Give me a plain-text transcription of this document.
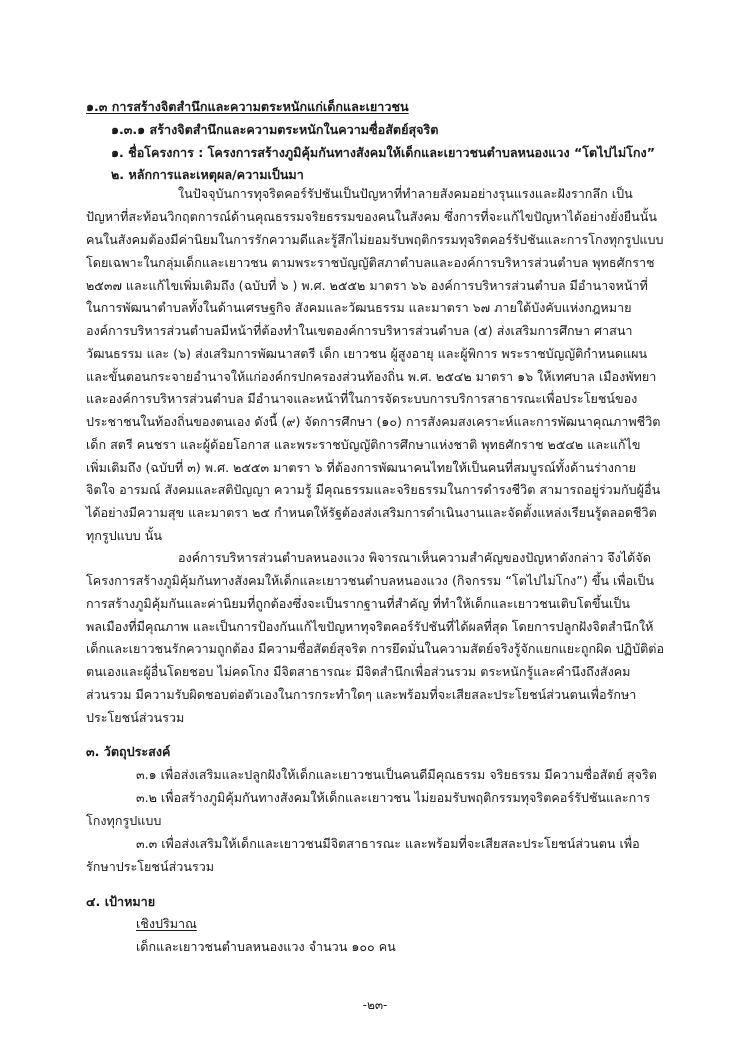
๑.๓ การสร้างจิตสำนึกและความตระหนักแก่เด็กและเยาวชน
๑.๓.๑ สร้างจิตสำนึกและความตระหนักในความซื่อสัตย์สุจริต
๑. ชื่อโครงการ : โครงการสร้างภูมิคุ้มกันทางสังคมให้เด็กและเยาวชนตำบลหนองแวง “โตไปไม่โกง”
๒. หลักการและเหตุผล/ความเป็นมา
ในปัจจุบันการทุจริตคอร์รัปชันเป็นปัญหาที่ทำลายสังคมอย่างรุนแรงและฝังรากลึก เป็น
ปัญหาที่สะท้อนวิกฤตการณ์ด้านคุณธรรมจริยธรรมของคนในสังคม ซึ่งการที่จะแก้ไขปัญหาได้อย่างยั่งยืนนั้น
คนในสังคมต้องมีค่านิยมในการรักความดีและรู้สึกไม่ยอมรับพฤติกรรมทุจริตคอร์รัปชันและการโกงทุกรูปแบบ
โดยเฉพาะในกลุ่มเด็กและเยาวชน ตามพระราชบัญญัติสภาตำบลและองค์การบริหารส่วนตำบล พุทธศักราช
๒๕๓๗ และแก้ไขเพิ่มเติมถึง (ฉบับที่ ๖ ) พ.ศ. ๒๕๕๒ มาตรา ๖๖ องค์การบริหารส่วนตำบล มีอำนาจหน้าที่
ในการพัฒนาตำบลทั้งในด้านเศรษฐกิจ สังคมและวัฒนธรรม และมาตรา ๖๗ ภายใต้บังคับแห่งกฎหมาย
องค์การบริหารส่วนตำบลมีหน้าที่ต้องทำในเขตองค์การบริหารส่วนตำบล (๕) ส่งเสริมการศึกษา ศาสนา
วัฒนธรรม และ (๖) ส่งเสริมการพัฒนาสตรี เด็ก เยาวชน ผู้สูงอายุ และผู้พิการ พระราชบัญญัติกำหนดแผน
และขั้นตอนกระจายอำนาจให้แก่องค์กรปกครองส่วนท้องถิ่น พ.ศ. ๒๕๔๒ มาตรา ๑๖ ให้เทศบาล เมืองพัทยา
และองค์การบริหารส่วนตำบล มีอำนาจและหน้าที่ในการจัดระบบการบริการสาธารณะเพื่อประโยชน์ของ
ประชาชนในท้องถิ่นของตนเอง ดังนี้ (๙) จัดการศึกษา (๑๐) การสังคมสงเคราะห์และการพัฒนาคุณภาพชีวิต
เด็ก สตรี คนชรา และผู้ด้อยโอกาส และพระราชบัญญัติการศึกษาแห่งชาติ พุทธศักราช ๒๕๔๒ และแก้ไข
เพิ่มเติมถึง (ฉบับที่ ๓) พ.ศ. ๒๕๕๓ มาตรา ๖ ที่ต้องการพัฒนาคนไทยให้เป็นคนที่สมบูรณ์ทั้งด้านร่างกาย
จิตใจ อารมณ์ สังคมและสติปัญญา ความรู้ มีคุณธรรมและจริยธรรมในการดำรงชีวิต สามารถอยู่ร่วมกับผู้อื่น
ได้อย่างมีความสุข และมาตรา ๒๕ กำหนดให้รัฐต้องส่งเสริมการดำเนินงานและจัดตั้งแหล่งเรียนรู้ตลอดชีวิต
ทุกรูปแบบ นั้น
องค์การบริหารส่วนตำบลหนองแวง พิจารณาเห็นความสำคัญของปัญหาดังกล่าว จึงได้จัด
โครงการสร้างภูมิคุ้มกันทางสังคมให้เด็กและเยาวชนตำบลหนองแวง (กิจกรรม “โตไปไม่โกง”) ขึ้น เพื่อเป็น
การสร้างภูมิคุ้มกันและค่านิยมที่ถูกต้องซึ่งจะเป็นรากฐานที่สำคัญ ที่ทำให้เด็กและเยาวชนเติบโตขึ้นเป็น
พลเมืองที่มีคุณภาพ และเป็นการป้องกันแก้ไขปัญหาทุจริตคอร์รัปชันที่ได้ผลที่สุด โดยการปลูกฝังจิตสำนึกให้
เด็กและเยาวชนรักความถูกต้อง มีความซื่อสัตย์สุจริต การยึดมั่นในความสัตย์จริงรู้จักแยกแยะถูกผิด ปฏิบัติต่อ
ตนเองและผู้อื่นโดยชอบ ไม่คดโกง มีจิตสาธารณะ มีจิตสำนึกเพื่อส่วนรวม ตระหนักรู้และคำนึงถึงสังคม
ส่วนรวม มีความรับผิดชอบต่อตัวเองในการกระทำใดๆ และพร้อมที่จะเสียสละประโยชน์ส่วนตนเพื่อรักษา
ประโยชน์ส่วนรวม
๓. วัตถุประสงค์
๓.๑ เพื่อส่งเสริมและปลูกฝังให้เด็กและเยาวชนเป็นคนดีมีคุณธรรม จริยธรรม มีความซื่อสัตย์ สุจริต
๓.๒ เพื่อสร้างภูมิคุ้มกันทางสังคมให้เด็กและเยาวชน ไม่ยอมรับพฤติกรรมทุจริตคอร์รัปชันและการ
โกงทุกรูปแบบ
๓.๓ เพื่อส่งเสริมให้เด็กและเยาวชนมีจิตสาธารณะ และพร้อมที่จะเสียสละประโยชน์ส่วนตน เพื่อ
รักษาประโยชน์ส่วนรวม
๔. เป้าหมาย
เชิงปริมาณ
เด็กและเยาวชนตำบลหนองแวง จำนวน ๑๐๐ คน
-๒๓-
